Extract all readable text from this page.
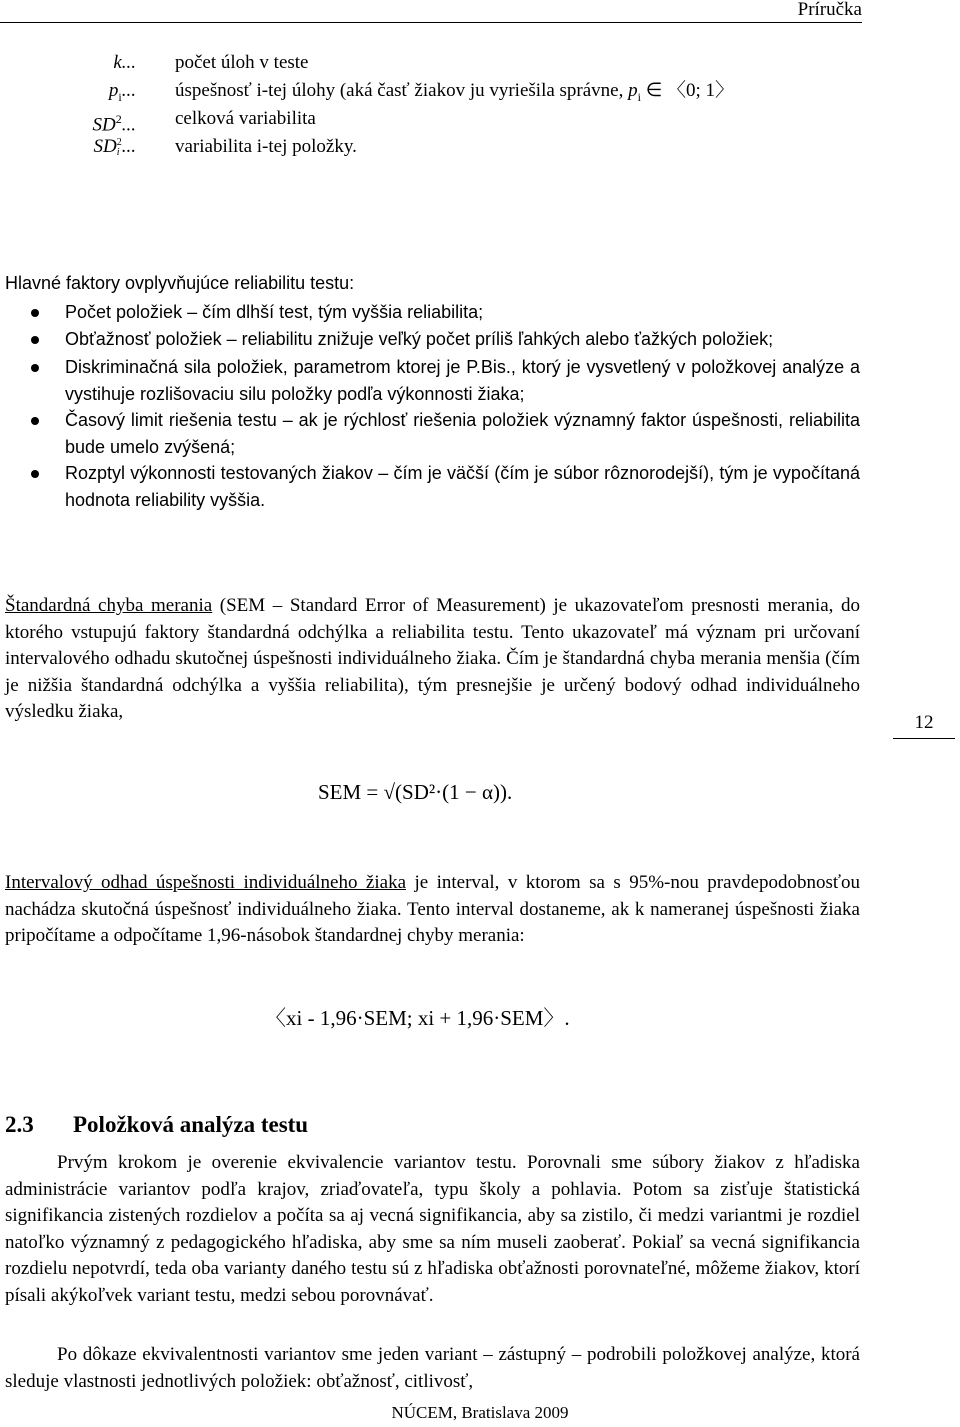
Príručka
k... počet úloh v teste
$p_i$... úspešnosť i-tej úlohy (aká časť žiakov ju vyriešila správne, $p_i$ ∈ 〈0; 1〉
$SD^2$... celková variabilita
SD 2
i ... variabilita i-tej položky.
Hlavné faktory ovplyvňujúce reliabilitu testu:
Počet položiek – čím dlhší test, tým vyššia reliabilita;
Obťažnosť položiek – reliabilitu znižuje veľký počet príliš ľahkých alebo ťažkých položiek;
Diskriminačná sila položiek, parametrom ktorej je P.Bis., ktorý je vysvetlený v položkovej analýze a vystihuje rozlišovaciu silu položky podľa výkonnosti žiaka;
Časový limit riešenia testu – ak je rýchlosť riešenia položiek významný faktor úspešnosti, reliabilita bude umelo zvýšená;
Rozptyl výkonnosti testovaných žiakov – čím je väčší (čím je súbor rôznorodejší), tým je vypočítaná hodnota reliability vyššia.
Štandardná chyba merania (SEM – Standard Error of Measurement) je ukazovateľom presnosti merania, do ktorého vstupujú faktory štandardná odchýlka a reliabilita testu. Tento ukazovateľ má význam pri určovaní intervalového odhadu skutočnej úspešnosti individuálneho žiaka. Čím je štandardná chyba merania menšia (čím je nižšia štandardná odchýlka a vyššia reliabilita), tým presnejšie je určený bodový odhad individuálneho výsledku žiaka,
12
SEM = √(SD²·(1 − α)).
Intervalový odhad úspešnosti individuálneho žiaka je interval, v ktorom sa s 95%-nou pravdepodobnosťou nachádza skutočná úspešnosť individuálneho žiaka. Tento interval dostaneme, ak k nameranej úspešnosti žiaka pripočítame a odpočítame 1,96-násobok štandardnej chyby merania:
〈xi - 1,96·SEM; xi + 1,96·SEM〉.
2.3 Položková analýza testu
Prvým krokom je overenie ekvivalencie variantov testu. Porovnali sme súbory žiakov z hľadiska administrácie variantov podľa krajov, zriaďovateľa, typu školy a pohlavia. Potom sa zisťuje štatistická signifikancia zistených rozdielov a počíta sa aj vecná signifikancia, aby sa zistilo, či medzi variantmi je rozdiel natoľko významný z pedagogického hľadiska, aby sme sa ním museli zaoberať. Pokiaľ sa vecná signifikancia rozdielu nepotvrdí, teda oba varianty daného testu sú z hľadiska obťažnosti porovnateľné, môžeme žiakov, ktorí písali akýkoľvek variant testu, medzi sebou porovnávať.
Po dôkaze ekvivalentnosti variantov sme jeden variant – zástupný – podrobili položkovej analýze, ktorá sleduje vlastnosti jednotlivých položiek: obťažnosť, citlivosť,
NÚCEM, Bratislava 2009
